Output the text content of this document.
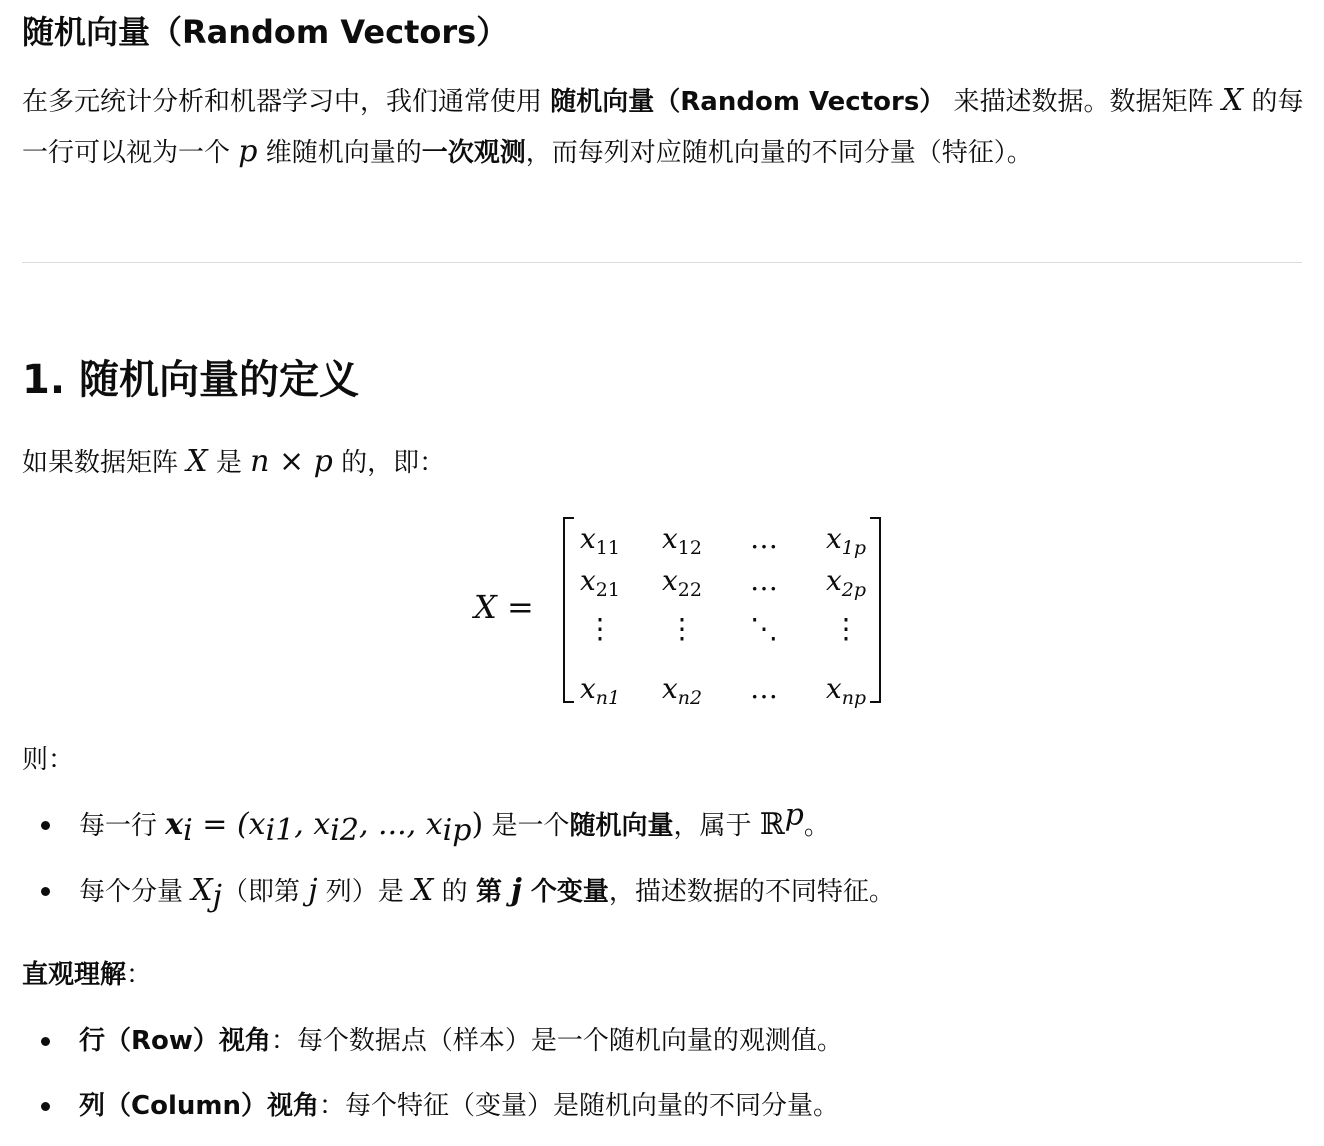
随机向量（Random Vectors）

在多元统计分析和机器学习中，我们通常使用 随机向量（Random Vectors） 来描述数据。数据矩阵 X 的每一行可以视为一个 p 维随机向量的一次观测，而每列对应随机向量的不同分量（特征）。

1. 随机向量的定义

如果数据矩阵 X 是 n × p 的，即：

X =
$x_{11}$ $x_{12}$ … $x_{1p}$
$x_{21}$ $x_{22}$ … $x_{2p}$
⋮ ⋮ ⋱ ⋮
$x_{n1}$ $x_{n2}$ … $x_{np}$

则：

每一行 $x_i = (x_{i1}$, $x_{i2}$, ..., $x_{ip}$) 是一个随机向量，属于 ℝ$^p$。
每个分量 $X_j$（即第 j 列）是 X 的 第 j 个变量，描述数据的不同特征。

直观理解：

行（Row）视角：每个数据点（样本）是一个随机向量的观测值。
列（Column）视角：每个特征（变量）是随机向量的不同分量。
